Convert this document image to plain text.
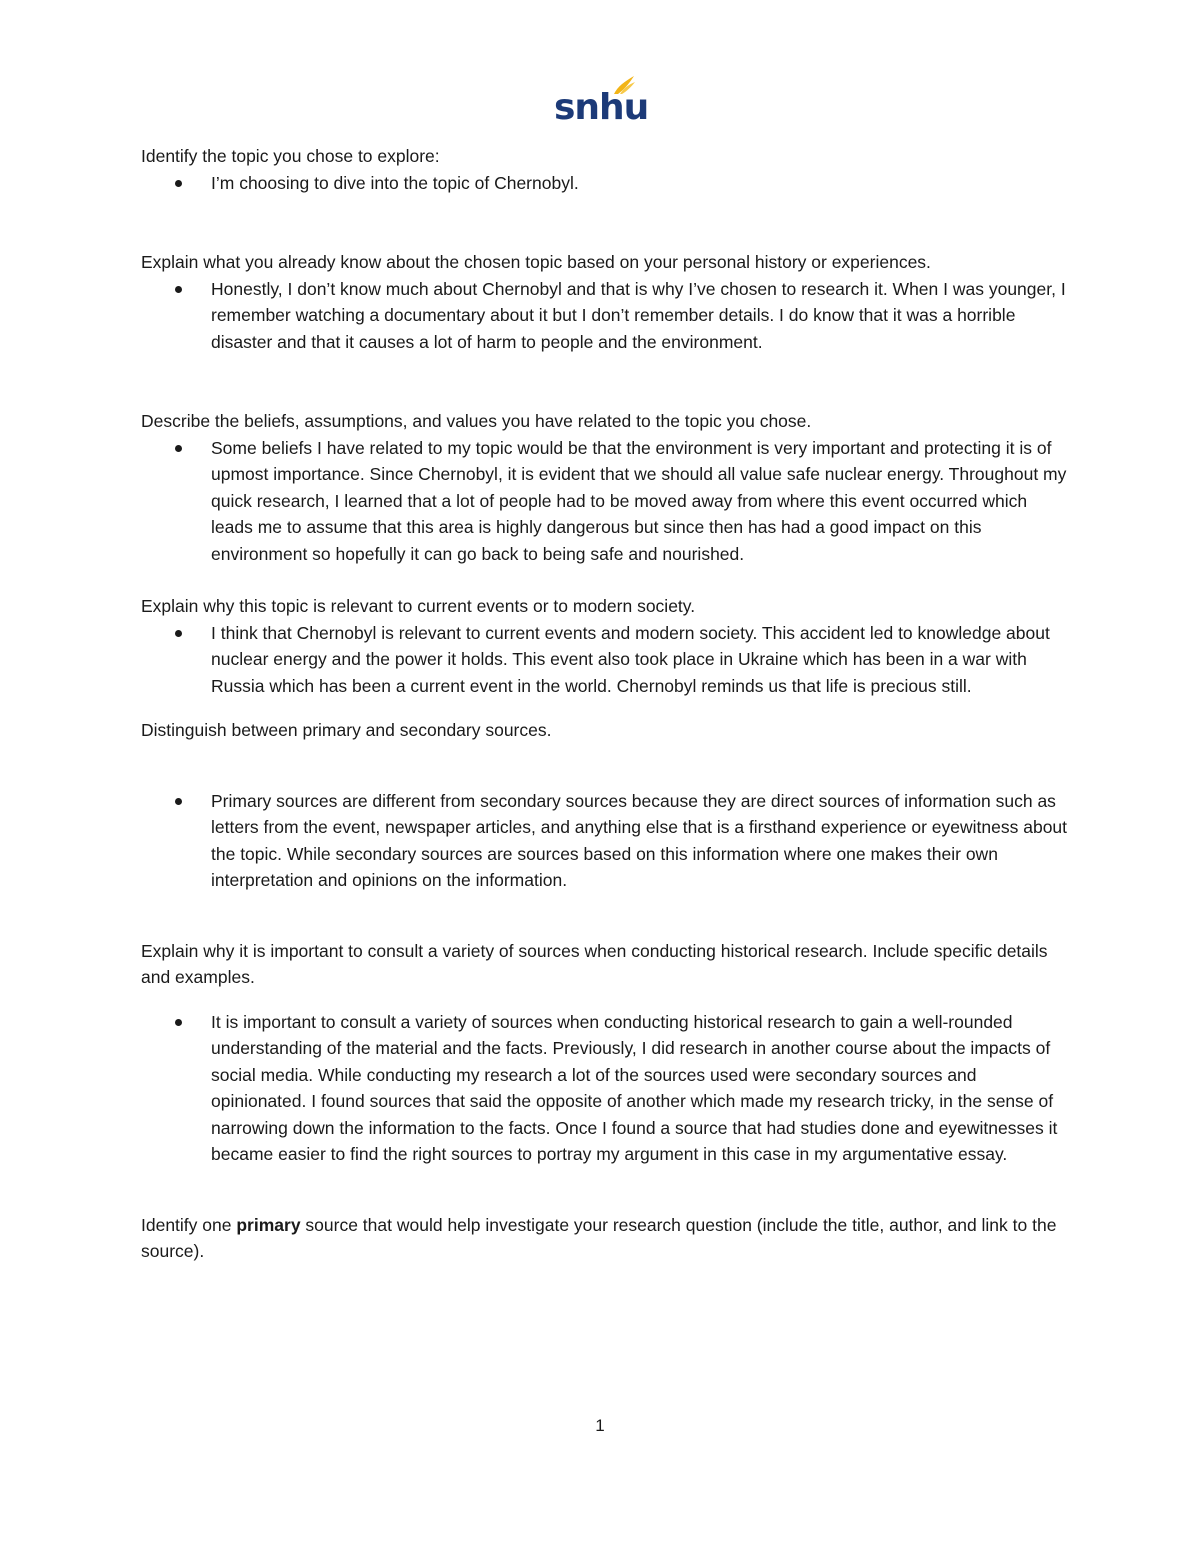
snhu

Identify the topic you chose to explore:

I’m choosing to dive into the topic of Chernobyl.

Explain what you already know about the chosen topic based on your personal history or experiences.

Honestly, I don’t know much about Chernobyl and that is why I’ve chosen to research it. When I was younger, I remember watching a documentary about it but I don’t remember details. I do know that it was a horrible disaster and that it causes a lot of harm to people and the environment.

Describe the beliefs, assumptions, and values you have related to the topic you chose.

Some beliefs I have related to my topic would be that the environment is very important and protecting it is of upmost importance. Since Chernobyl, it is evident that we should all value safe nuclear energy. Throughout my quick research, I learned that a lot of people had to be moved away from where this event occurred which leads me to assume that this area is highly dangerous but since then has had a good impact on this environment so hopefully it can go back to being safe and nourished.

Explain why this topic is relevant to current events or to modern society.

I think that Chernobyl is relevant to current events and modern society. This accident led to knowledge about nuclear energy and the power it holds. This event also took place in Ukraine which has been in a war with Russia which has been a current event in the world. Chernobyl reminds us that life is precious still.

Distinguish between primary and secondary sources.

Primary sources are different from secondary sources because they are direct sources of information such as letters from the event, newspaper articles, and anything else that is a firsthand experience or eyewitness about the topic. While secondary sources are sources based on this information where one makes their own interpretation and opinions on the information.

Explain why it is important to consult a variety of sources when conducting historical research. Include specific details and examples.

It is important to consult a variety of sources when conducting historical research to gain a well-rounded understanding of the material and the facts. Previously, I did research in another course about the impacts of social media. While conducting my research a lot of the sources used were secondary sources and opinionated. I found sources that said the opposite of another which made my research tricky, in the sense of narrowing down the information to the facts. Once I found a source that had studies done and eyewitnesses it became easier to find the right sources to portray my argument in this case in my argumentative essay.

Identify one primary source that would help investigate your research question (include the title, author, and link to the source).

1
